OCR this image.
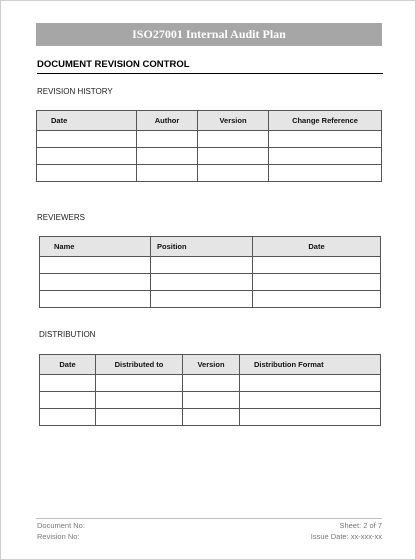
ISO27001 Internal Audit Plan
DOCUMENT REVISION CONTROL
REVISION HISTORY
Date	Author	Version	Change Reference

REVIEWERS
Name	Position	Date

DISTRIBUTION
Date	Distributed to	Version	Distribution Format

Document No:
Revision No:
Sheet: 2 of 7
Issue Date: xx-xxx-xx
